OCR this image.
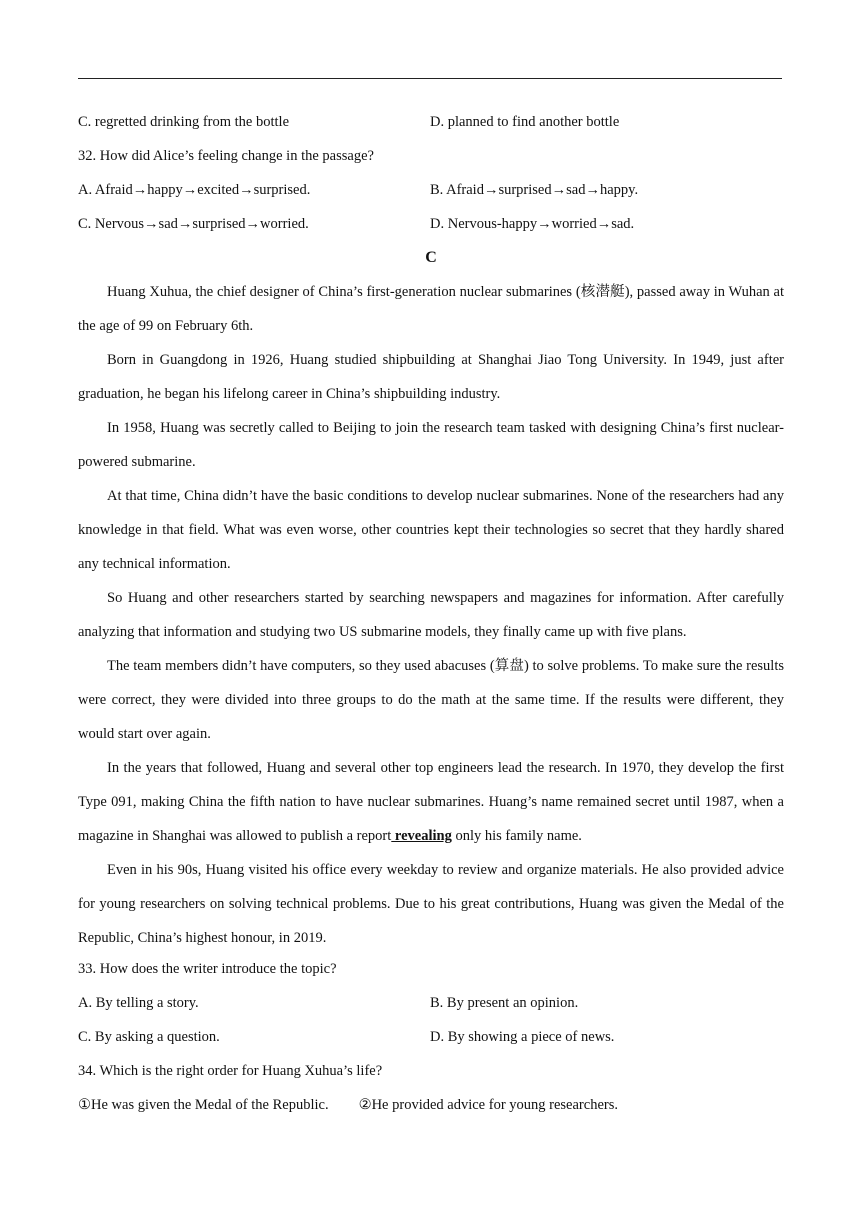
C. regretted drinking from the bottle	D. planned to find another bottle
32. How did Alice’s feeling change in the passage?
A. Afraid→happy→excited→surprised.	B. Afraid→surprised→sad→happy.
C. Nervous→sad→surprised→worried.	D. Nervous-happy→worried→sad.
C

Huang Xuhua, the chief designer of China’s first-generation nuclear submarines (核潜艇), passed away in Wuhan at the age of 99 on February 6th.

Born in Guangdong in 1926, Huang studied shipbuilding at Shanghai Jiao Tong University. In 1949, just after graduation, he began his lifelong career in China’s shipbuilding industry.

In 1958, Huang was secretly called to Beijing to join the research team tasked with designing China’s first nuclear-powered submarine.

At that time, China didn’t have the basic conditions to develop nuclear submarines. None of the researchers had any knowledge in that field. What was even worse, other countries kept their technologies so secret that they hardly shared any technical information.

So Huang and other researchers started by searching newspapers and magazines for information. After carefully analyzing that information and studying two US submarine models, they finally came up with five plans.

The team members didn’t have computers, so they used abacuses (算盘) to solve problems. To make sure the results were correct, they were divided into three groups to do the math at the same time. If the results were different, they would start over again.

In the years that followed, Huang and several other top engineers lead the research. In 1970, they develop the first Type 091, making China the fifth nation to have nuclear submarines. Huang’s name remained secret until 1987, when a magazine in Shanghai was allowed to publish a report revealing only his family name.

Even in his 90s, Huang visited his office every weekday to review and organize materials. He also provided advice for young researchers on solving technical problems. Due to his great contributions, Huang was given the Medal of the Republic, China’s highest honour, in 2019.

33. How does the writer introduce the topic?
A. By telling a story.	B. By present an opinion.
C. By asking a question.	D. By showing a piece of news.
34. Which is the right order for Huang Xuhua’s life?
①He was given the Medal of the Republic. ②He provided advice for young researchers.
